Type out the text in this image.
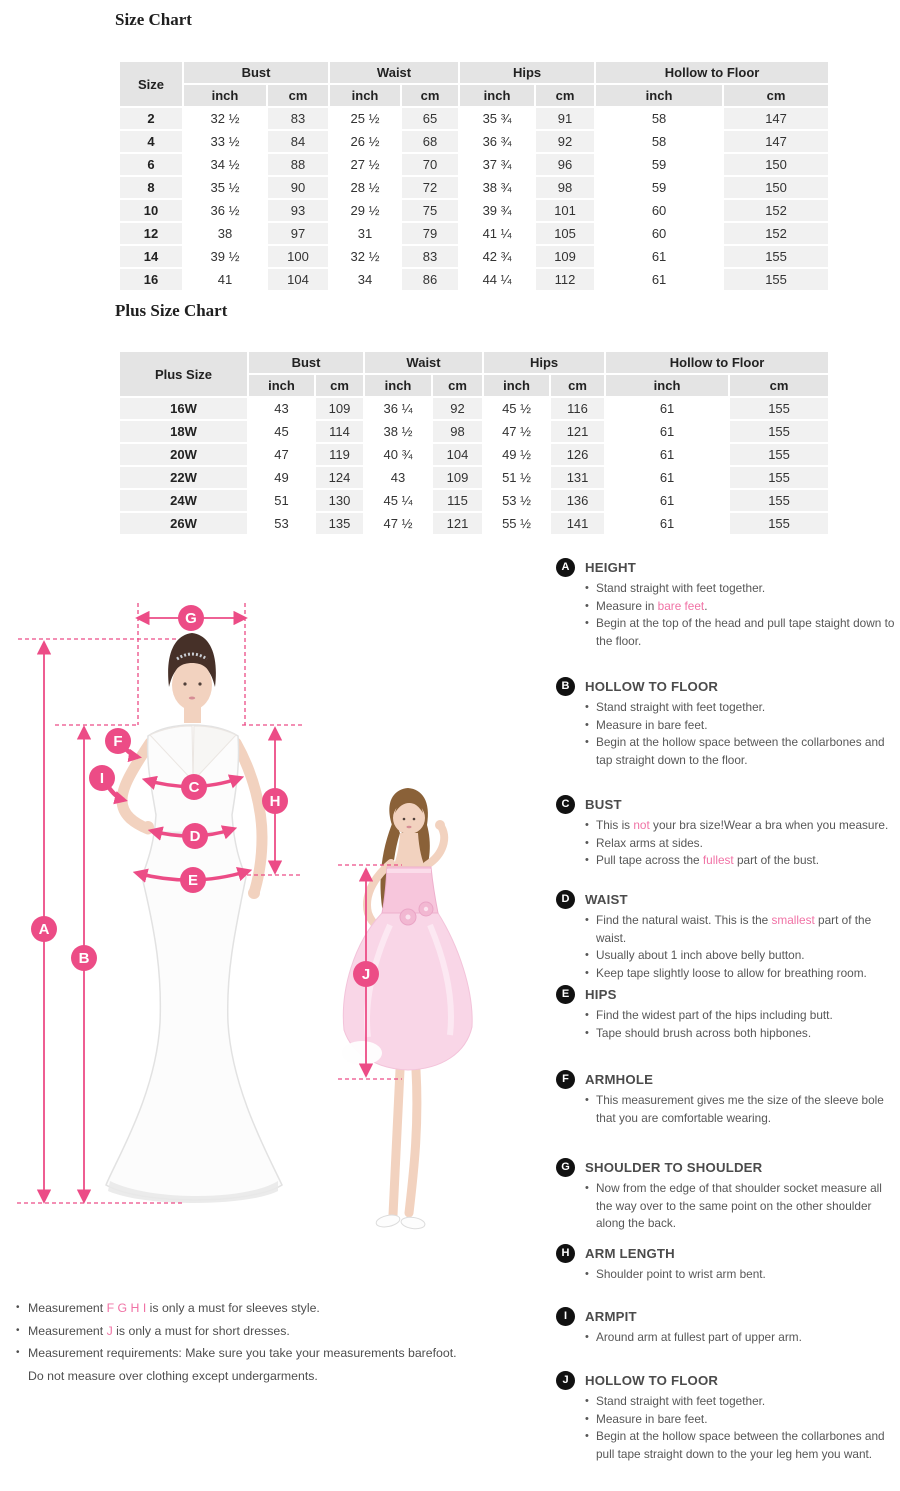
Size Chart
Size	Bust		Waist		Hips		Hollow to Floor	
	inch	cm	inch	cm	inch	cm	inch	cm
2	32 ½	83	25 ½	65	35 ¾	91	58	147
4	33 ½	84	26 ½	68	36 ¾	92	58	147
6	34 ½	88	27 ½	70	37 ¾	96	59	150
8	35 ½	90	28 ½	72	38 ¾	98	59	150
10	36 ½	93	29 ½	75	39 ¾	101	60	152
12	38	97	31	79	41 ¼	105	60	152
14	39 ½	100	32 ½	83	42 ¾	109	61	155
16	41	104	34	86	44 ¼	112	61	155
Plus Size Chart
Plus Size	Bust		Waist		Hips		Hollow to Floor	
	inch	cm	inch	cm	inch	cm	inch	cm
16W	43	109	36 ¼	92	45 ½	116	61	155
18W	45	114	38 ½	98	47 ½	121	61	155
20W	47	119	40 ¾	104	49 ½	126	61	155
22W	49	124	43	109	51 ½	131	61	155
24W	51	130	45 ¼	115	53 ½	136	61	155
26W	53	135	47 ½	121	55 ½	141	61	155
G
A
B
F
I
C
H
D
E
J
A	HEIGHT
• Stand straight with feet together.
• Measure in bare feet.
• Begin at the top of the head and pull tape staight down to the floor.
B	HOLLOW TO FLOOR
• Stand straight with feet together.
• Measure in bare feet.
• Begin at the hollow space between the collarbones and tap straight down to the floor.
C	BUST
• This is not your bra size!Wear a bra when you measure.
• Relax arms at sides.
• Pull tape across the fullest part of the bust.
D	WAIST
• Find the natural waist. This is the smallest part of the waist.
• Usually about 1 inch above belly button.
• Keep tape slightly loose to allow for breathing room.
E	HIPS
• Find the widest part of the hips including butt.
• Tape should brush across both hipbones.
F	ARMHOLE
• This measurement gives me the size of the sleeve bole that you are comfortable wearing.
G	SHOULDER TO SHOULDER
• Now from the edge of that shoulder socket measure all the way over to the same point on the other shoulder along the back.
H	ARM LENGTH
• Shoulder point to wrist arm bent.
I	ARMPIT
• Around arm at fullest part of upper arm.
J	HOLLOW TO FLOOR
• Stand straight with feet together.
• Measure in bare feet.
• Begin at the hollow space between the collarbones and pull tape straight down to the your leg hem you want.
• Measurement F G H I is only a must for sleeves style.
• Measurement J is only a must for short dresses.
• Measurement requirements: Make sure you take your measurements barefoot.
Do not measure over clothing except undergarments.
